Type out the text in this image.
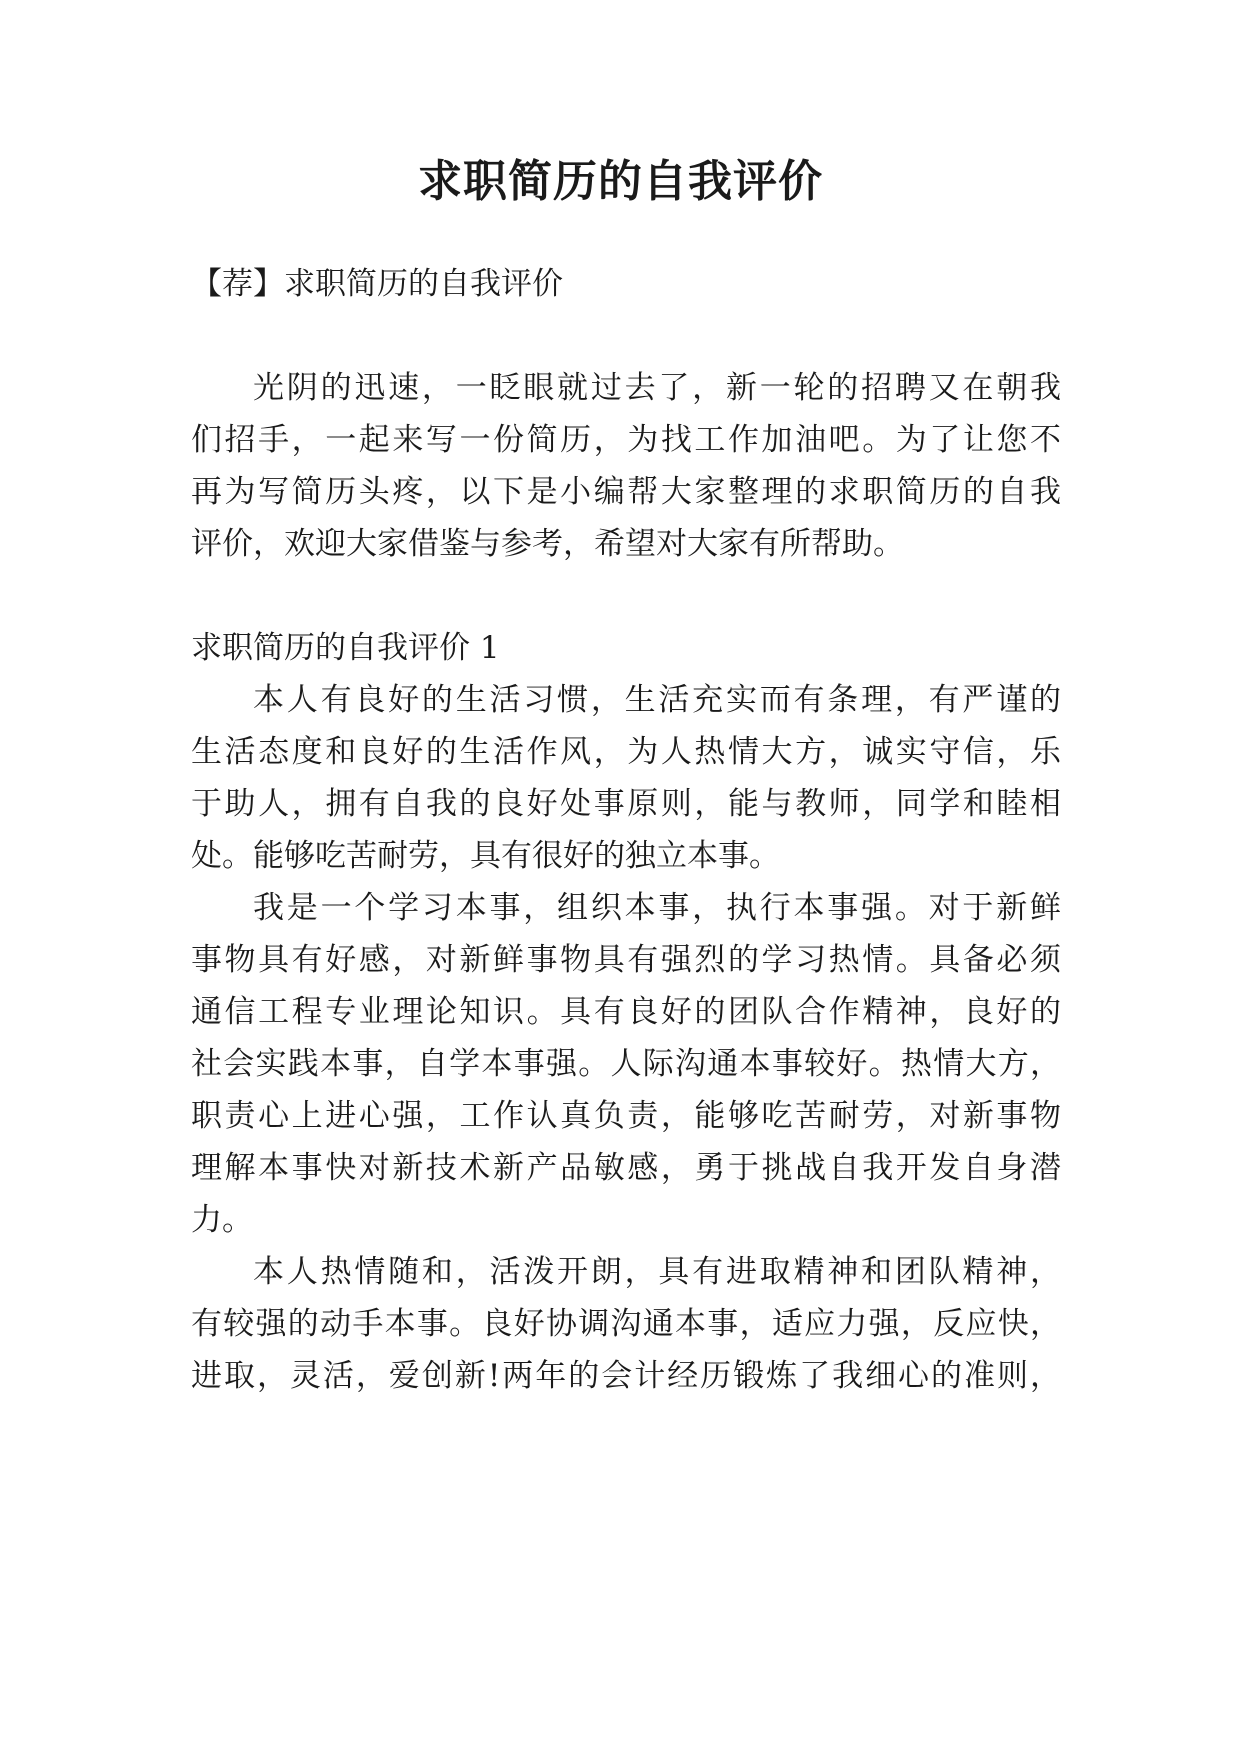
求职简历的自我评价

【荐】求职简历的自我评价

光阴的迅速，一眨眼就过去了，新一轮的招聘又在朝我

们招手，一起来写一份简历，为找工作加油吧。为了让您不

再为写简历头疼，以下是小编帮大家整理的求职简历的自我

评价，欢迎大家借鉴与参考，希望对大家有所帮助。

求职简历的自我评价 1

本人有良好的生活习惯，生活充实而有条理，有严谨的

生活态度和良好的生活作风，为人热情大方，诚实守信，乐

于助人，拥有自我的良好处事原则，能与教师，同学和睦相

处。能够吃苦耐劳，具有很好的独立本事。

我是一个学习本事，组织本事，执行本事强。对于新鲜

事物具有好感，对新鲜事物具有强烈的学习热情。具备必须

通信工程专业理论知识。具有良好的团队合作精神，良好的

社会实践本事，自学本事强。人际沟通本事较好。热情大方，

职责心上进心强，工作认真负责，能够吃苦耐劳，对新事物

理解本事快对新技术新产品敏感，勇于挑战自我开发自身潜

力。

本人热情随和，活泼开朗，具有进取精神和团队精神，

有较强的动手本事。良好协调沟通本事，适应力强，反应快，

进取，灵活，爱创新!两年的会计经历锻炼了我细心的准则，
